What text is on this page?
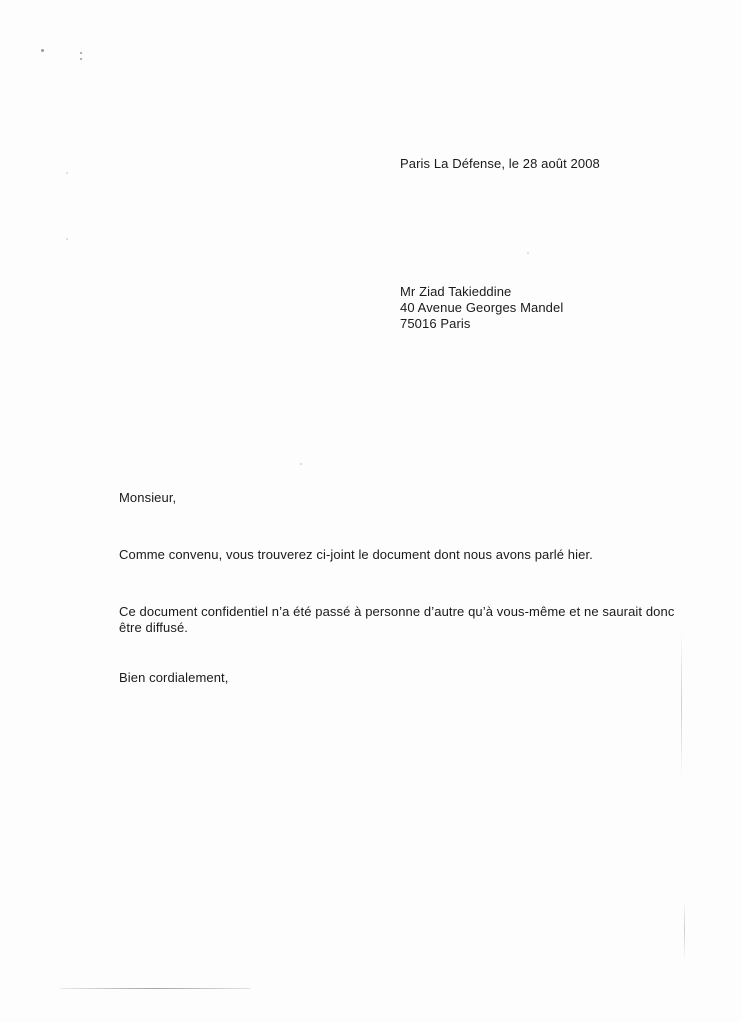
Paris La Défense, le 28 août 2008
Mr Ziad Takieddine
40 Avenue Georges Mandel
75016 Paris
Monsieur,
Comme convenu, vous trouverez ci-joint le document dont nous avons parlé hier.
Ce document confidentiel n’a été passé à personne d’autre qu’à vous-même et ne saurait donc
être diffusé.
Bien cordialement,
